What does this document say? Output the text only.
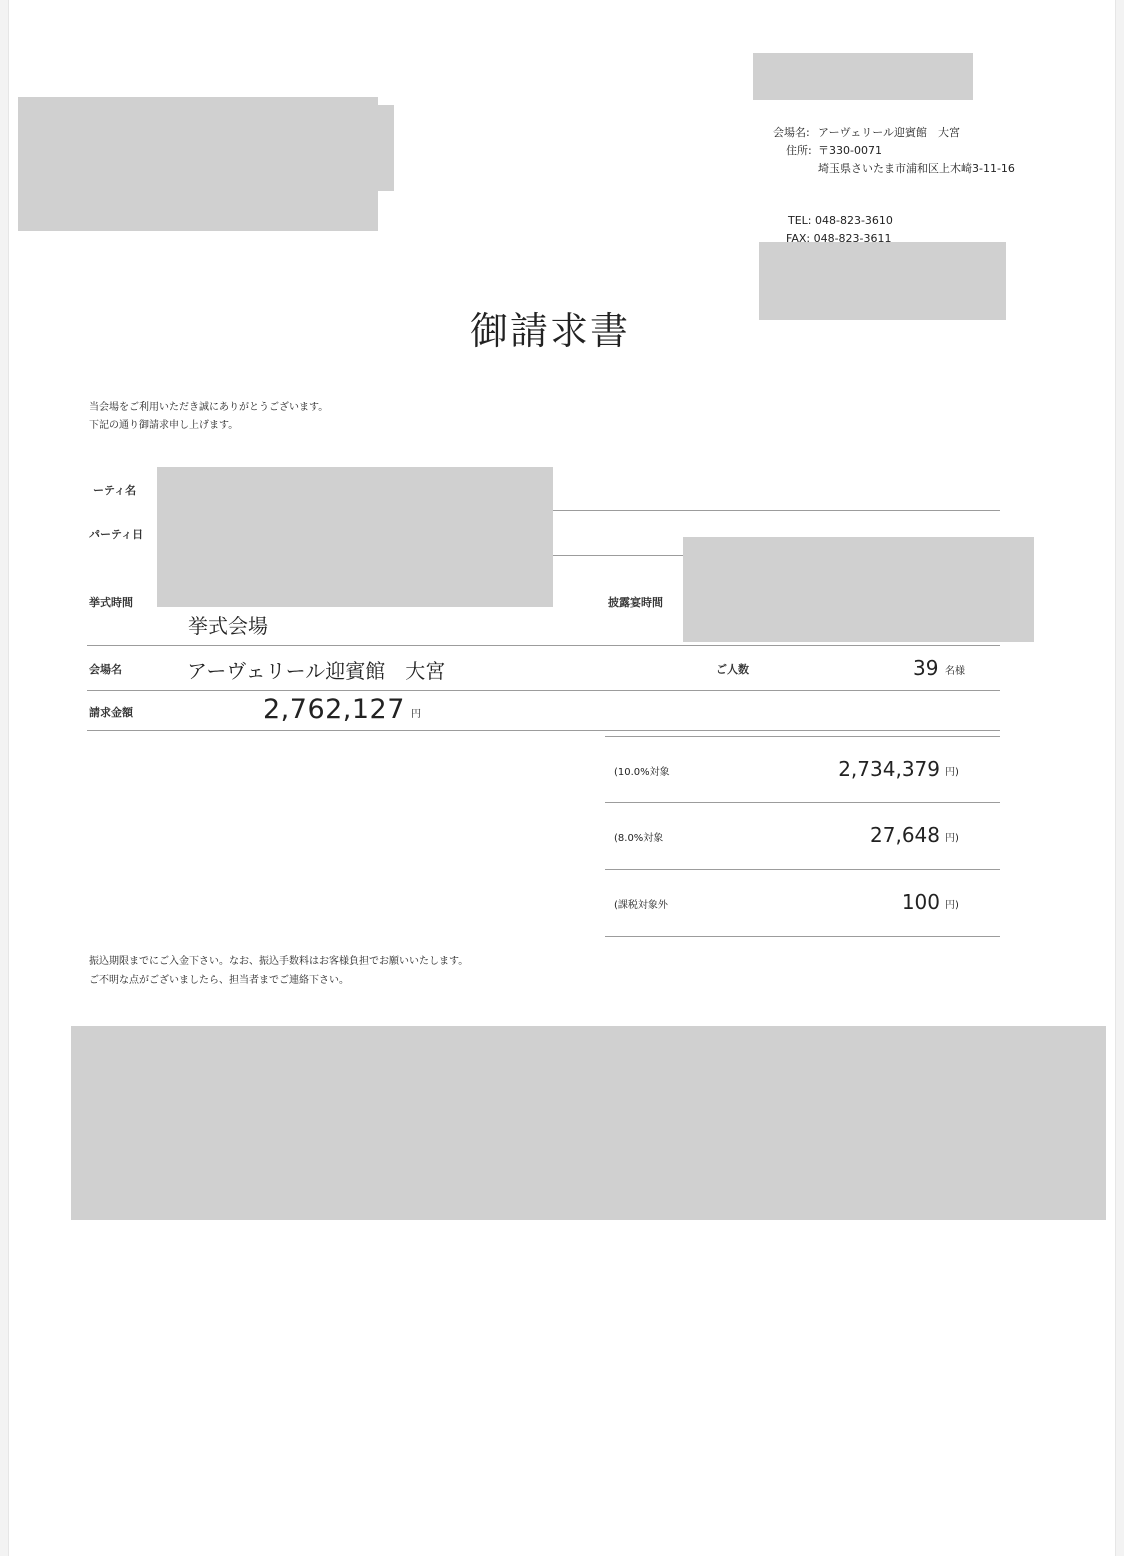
会場名: アーヴェリール迎賓館　大宮
住所: 〒330-0071
埼玉県さいたま市浦和区上木崎3-11-16
TEL: 048-823-3610
FAX: 048-823-3611
御請求書
当会場をご利用いただき誠にありがとうございます。
下記の通り御請求申し上げます。
ーティ名
パーティ日
挙式時間	披露宴時間
挙式会場
会場名	アーヴェリール迎賓館　大宮	ご人数	39 名様
請求金額	2,762,127 円
(10.0%対象	2,734,379 円)
(8.0%対象	27,648 円)
(課税対象外	100 円)
振込期限までにご入金下さい。なお、振込手数料はお客様負担でお願いいたします。
ご不明な点がございましたら、担当者までご連絡下さい。
